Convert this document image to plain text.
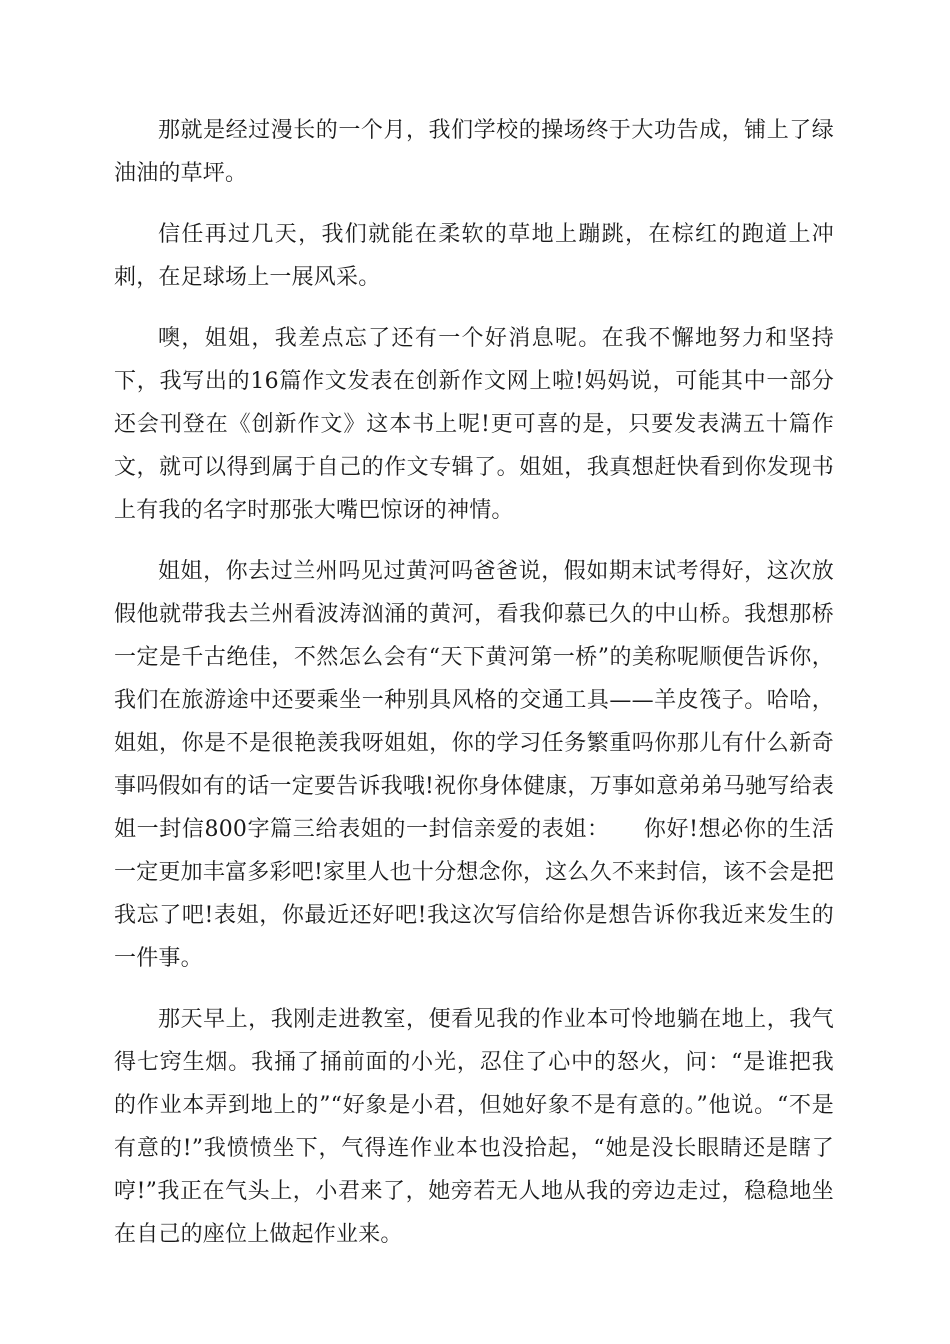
那就是经过漫长的一个月，我们学校的操场终于大功告成，铺上了绿油油的草坪。

信任再过几天，我们就能在柔软的草地上蹦跳，在棕红的跑道上冲刺，在足球场上一展风采。

噢，姐姐，我差点忘了还有一个好消息呢。在我不懈地努力和坚持下，我写出的16篇作文发表在创新作文网上啦!妈妈说，可能其中一部分还会刊登在《创新作文》这本书上呢!更可喜的是，只要发表满五十篇作文，就可以得到属于自己的作文专辑了。姐姐，我真想赶快看到你发现书上有我的名字时那张大嘴巴惊讶的神情。

姐姐，你去过兰州吗见过黄河吗爸爸说，假如期末试考得好，这次放假他就带我去兰州看波涛汹涌的黄河，看我仰慕已久的中山桥。我想那桥一定是千古绝佳，不然怎么会有“天下黄河第一桥”的美称呢顺便告诉你，我们在旅游途中还要乘坐一种别具风格的交通工具——羊皮筏子。哈哈，姐姐，你是不是很艳羡我呀姐姐，你的学习任务繁重吗你那儿有什么新奇事吗假如有的话一定要告诉我哦!祝你身体健康，万事如意弟弟马驰写给表姐一封信800字篇三给表姐的一封信亲爱的表姐：　　你好!想必你的生活一定更加丰富多彩吧!家里人也十分想念你，这么久不来封信，该不会是把我忘了吧!表姐，你最近还好吧!我这次写信给你是想告诉你我近来发生的一件事。

那天早上，我刚走进教室，便看见我的作业本可怜地躺在地上，我气得七窍生烟。我捅了捅前面的小光，忍住了心中的怒火，问：“是谁把我的作业本弄到地上的”“好象是小君，但她好象不是有意的。”他说。“不是有意的!”我愤愤坐下，气得连作业本也没拾起，“她是没长眼睛还是瞎了哼!”我正在气头上，小君来了，她旁若无人地从我的旁边走过，稳稳地坐在自己的座位上做起作业来。
